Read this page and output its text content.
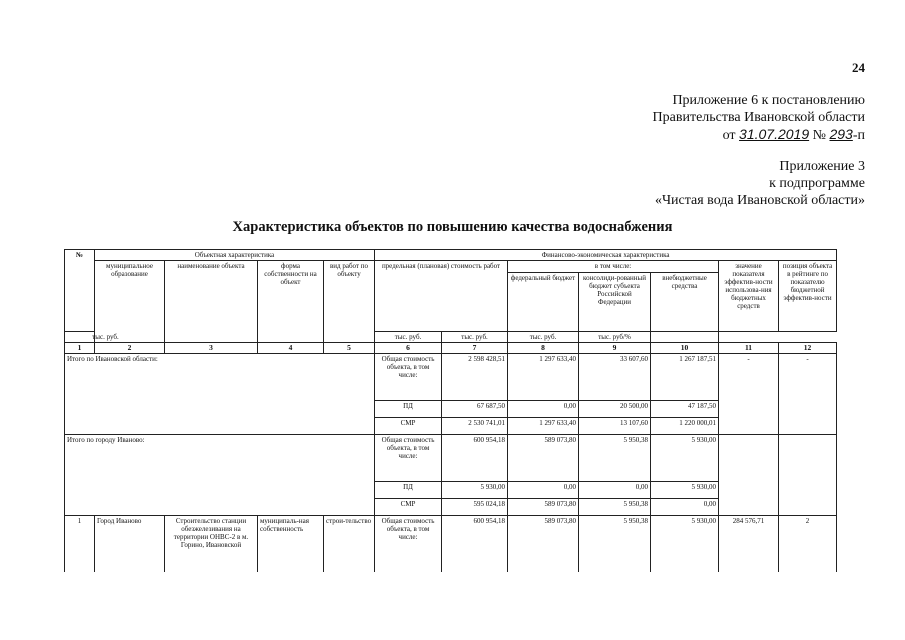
24
Приложение 6 к постановлению
Правительства Ивановской области
от 31.07.2019 № 293-п
Приложение 3
к подпрограмме
«Чистая вода Ивановской области»
Характеристика объектов по повышению качества водоснабжения
№	Объектная характеристика				Финансово-экономическая характеристика						
	муниципальное образование	наименование объекта	форма собственности на объект	вид работ по объекту	предельная (плановая) стоимость работ		в том числе:			значение показателя эффектив-ности использова-ния бюджетных средств	позиция объекта в рейтинге по показателю бюджетной эффектив-ности
							федеральный бюджет	консолиди-рованный бюджет субъекта Российской Федерации	внебюджетные средства		
тыс. руб.					тыс. руб.	тыс. руб.	тыс. руб.	тыс. руб/%			
1	2	3	4	5	6	7	8	9	10	11	12
Итого по Ивановской области:					Общая стоимость объекта, в том числе:	2 598 428,51	1 297 633,40	33 607,60	1 267 187,51	-	-
					ПД	67 687,50	0,00	20 500,00	47 187,50		
					СМР	2 530 741,01	1 297 633,40	13 107,60	1 220 000,01		
Итого по городу Иваново:					Общая стоимость объекта, в том числе:	600 954,18	589 073,80	5 950,38	5 930,00		
					ПД	5 930,00	0,00	0,00	5 930,00		
					СМР	595 024,18	589 073,80	5 950,38	0,00		
1	Город Иваново	Строительство станции обезжелезивания на территории ОНВС-2 в м. Горино, Ивановской	муниципаль-ная собственность	строи-тельство	Общая стоимость объекта, в том числе:	600 954,18	589 073,80	5 950,38	5 930,00	284 576,71	2
